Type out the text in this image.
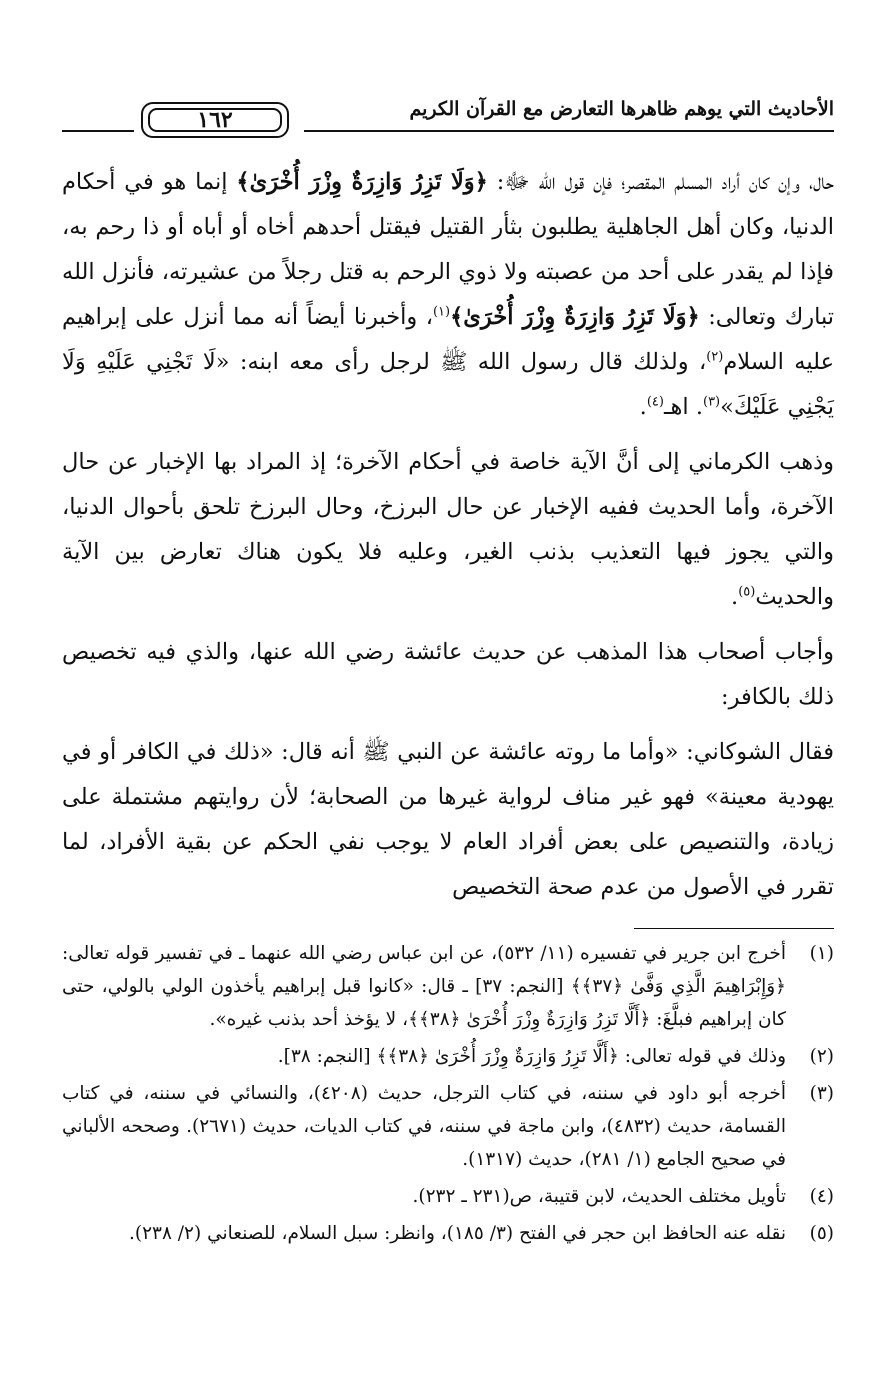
الأحاديث التي يوهم ظاهرها التعارض مع القرآن الكريم
١٦٢

حال، وإن كان أراد المسلم المقصر؛ فإن قول الله ﷻ: ﴿وَلَا تَزِرُ وَازِرَةٌ وِزْرَ أُخْرَىٰ﴾ إنما هو في أحكام الدنيا، وكان أهل الجاهلية يطلبون بثأر القتيل فيقتل أحدهم أخاه أو أباه أو ذا رحم به، فإذا لم يقدر على أحد من عصبته ولا ذوي الرحم به قتل رجلاً من عشيرته، فأنزل الله تبارك وتعالى: ﴿وَلَا تَزِرُ وَازِرَةٌ وِزْرَ أُخْرَىٰ﴾$^{(١)}$، وأخبرنا أيضاً أنه مما أنزل على إبراهيم عليه السلام$^{(٢)}$، ولذلك قال رسول الله ﷺ لرجل رأى معه ابنه: «لَا تَجْنِي عَلَيْهِ وَلَا يَجْنِي عَلَيْكَ»$^{(٣)}$. اهـ$^{(٤)}$.

وذهب الكرماني إلى أنَّ الآية خاصة في أحكام الآخرة؛ إذ المراد بها الإخبار عن حال الآخرة، وأما الحديث ففيه الإخبار عن حال البرزخ، وحال البرزخ تلحق بأحوال الدنيا، والتي يجوز فيها التعذيب بذنب الغير، وعليه فلا يكون هناك تعارض بين الآية والحديث$^{(٥)}$.

وأجاب أصحاب هذا المذهب عن حديث عائشة رضي الله عنها، والذي فيه تخصيص ذلك بالكافر:

فقال الشوكاني: «وأما ما روته عائشة عن النبي ﷺ أنه قال: «ذلك في الكافر أو في يهودية معينة» فهو غير مناف لرواية غيرها من الصحابة؛ لأن روايتهم مشتملة على زيادة، والتنصيص على بعض أفراد العام لا يوجب نفي الحكم عن بقية الأفراد، لما تقرر في الأصول من عدم صحة التخصيص

(١)
أخرج ابن جرير في تفسيره (١١/ ٥٣٢)، عن ابن عباس رضي الله عنهما ـ في تفسير قوله تعالى: ﴿وَإِبْرَاهِيمَ الَّذِي وَفَّىٰ ﴿٣٧﴾﴾ [النجم: ٣٧] ـ قال: «كانوا قبل إبراهيم يأخذون الولي بالولي، حتى كان إبراهيم فبلَّغَ: ﴿أَلَّا تَزِرُ وَازِرَةٌ وِزْرَ أُخْرَىٰ ﴿٣٨﴾﴾، لا يؤخذ أحد بذنب غيره».
(٢)
وذلك في قوله تعالى: ﴿أَلَّا تَزِرُ وَازِرَةٌ وِزْرَ أُخْرَىٰ ﴿٣٨﴾﴾ [النجم: ٣٨].
(٣)
أخرجه أبو داود في سننه، في كتاب الترجل، حديث (٤٢٠٨)، والنسائي في سننه، في كتاب القسامة، حديث (٤٨٣٢)، وابن ماجة في سننه، في كتاب الديات، حديث (٢٦٧١). وصححه الألباني في صحيح الجامع (١/ ٢٨١)، حديث (١٣١٧).
(٤)
تأويل مختلف الحديث، لابن قتيبة، ص(٢٣١ ـ ٢٣٢).
(٥)
نقله عنه الحافظ ابن حجر في الفتح (٣/ ١٨٥)، وانظر: سبل السلام، للصنعاني (٢/ ٢٣٨).
